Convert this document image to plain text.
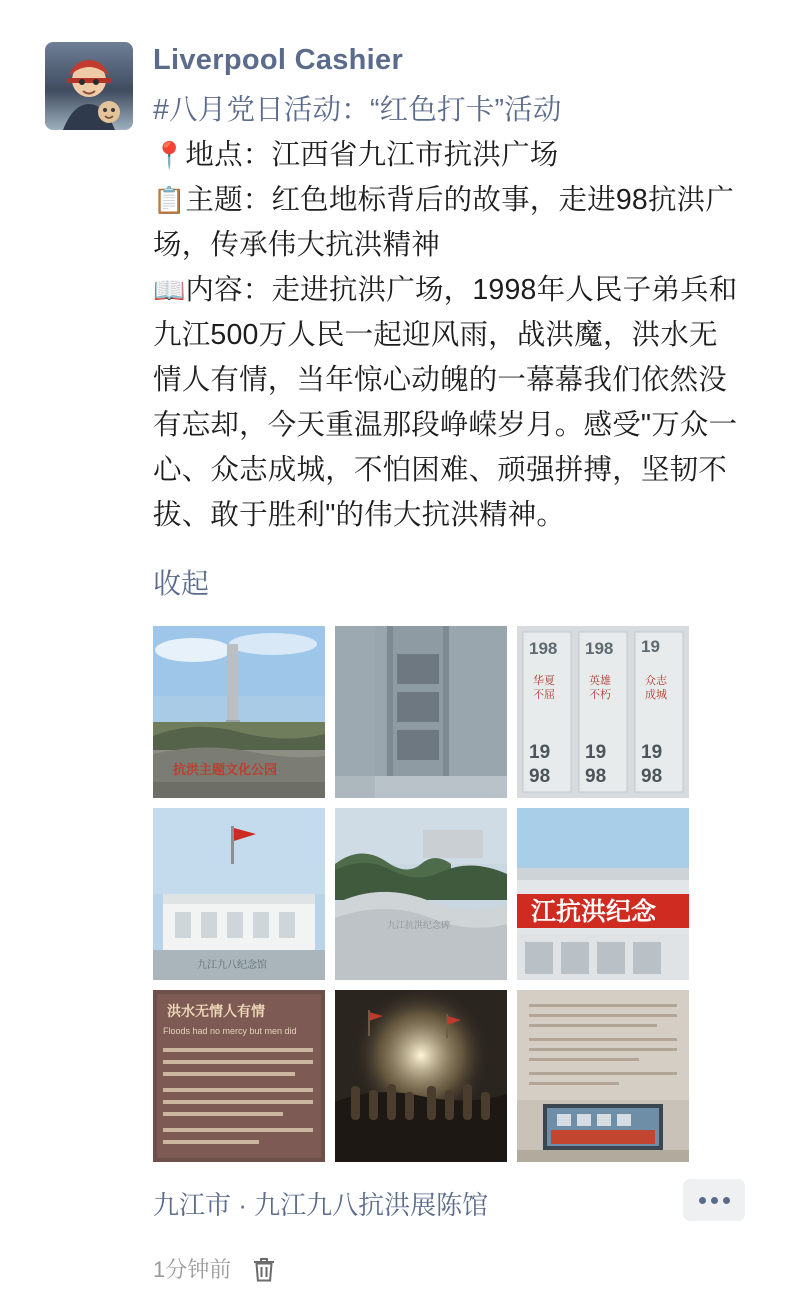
Liverpool Cashier
#八月党日活动：“红色打卡”活动
📍地点：江西省九江市抗洪广场
📋主题：红色地标背后的故事，走进98抗洪广场，传承伟大抗洪精神
📖内容：走进抗洪广场，1998年人民子弟兵和九江500万人民一起迎风雨，战洪魔，洪水无情人有情，当年惊心动魄的一幕幕我们依然没有忘却，今天重温那段峥嵘岁月。感受"万众一心、众志成城，不怕困难、顽强拼搏，坚韧不拔、敢于胜利"的伟大抗洪精神。
收起
抗洪主题文化公园
198 198 19
华夏
不屈
英雄
不朽
众志
成城
19
98
19
98
19
98
九江九八纪念馆
九江抗洪纪念碑	江抗洪纪念
洪水无情人有情
Floods had no mercy but men did
九江市 · 九江九八抗洪展陈馆
1分钟前
